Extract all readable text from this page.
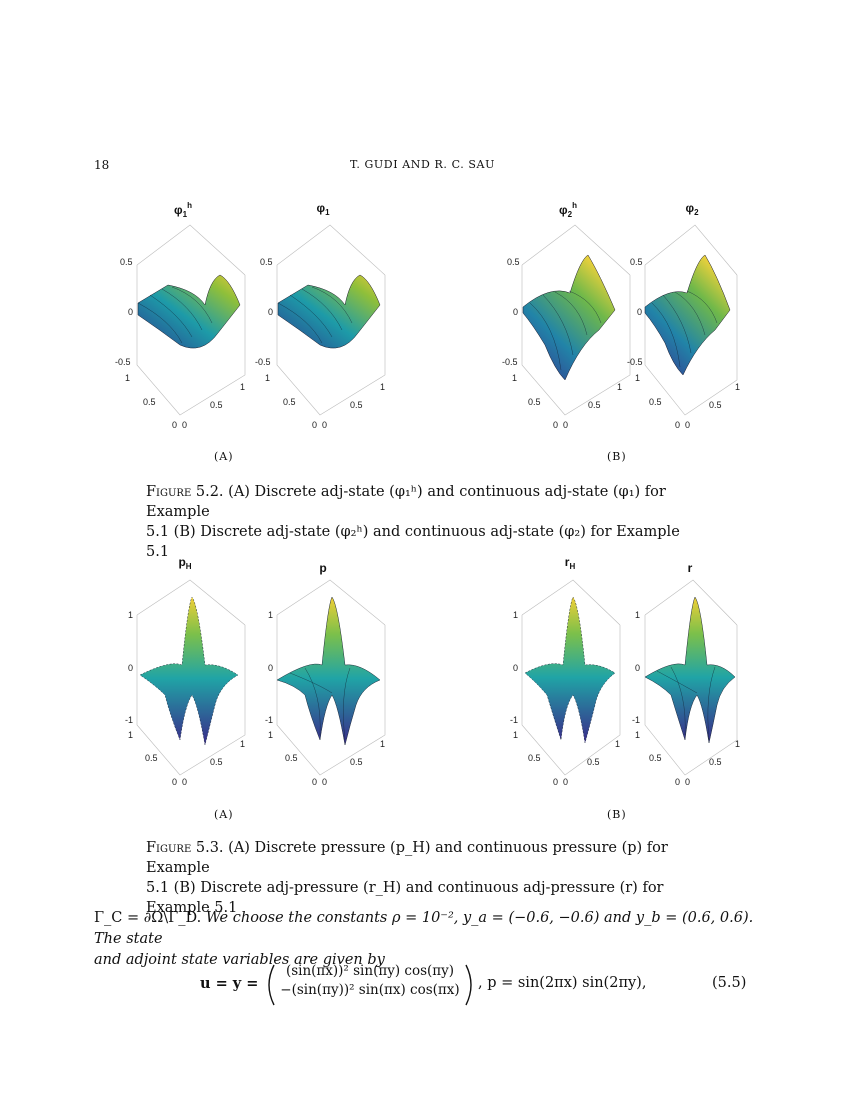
18	T. GUDI AND R. C. SAU
$\varphi_1^h$
0.5
0
-0.5
1
0.5
0 0
0.5
1
$\varphi_1$
0.5
0
-0.5
1
0.5
0 0
0.5
1
$\varphi_2^h$
0.5
0
-0.5
1
0.5
0 0
0.5
1
$\varphi_2$
0.5
0
-0.5
1
0.5
0 0
0.5
1
(A)	(B)
Figure 5.2. (A) Discrete adj-state (φ₁ʰ) and continuous adj-state (φ₁) for Example
5.1 (B) Discrete adj-state (φ₂ʰ) and continuous adj-state (φ₂) for Example 5.1
$p_H$
1
0
-1
1
0.5
0 0
0.5
1
p
1
0
-1
1
0.5
0 0
0.5
1
$r_H$
1
0
-1
1
0.5
0 0
0.5
1
r
1
0
-1
1
0.5
0 0
0.5
1
(A)	(B)
Figure 5.3. (A) Discrete pressure (p_H) and continuous pressure (p) for Example
5.1 (B) Discrete adj-pressure (r_H) and continuous adj-pressure (r) for Example 5.1
Γ_C = ∂Ω\Γ_D. We choose the constants ρ = 10⁻², y_a = (−0.6, −0.6) and y_b = (0.6, 0.6). The state
and adjoint state variables are given by
u = y =
(sin(πx))² sin(πy) cos(πy)
−(sin(πy))² sin(πx) cos(πx)	, p = sin(2πx) sin(2πy),	(5.5)
